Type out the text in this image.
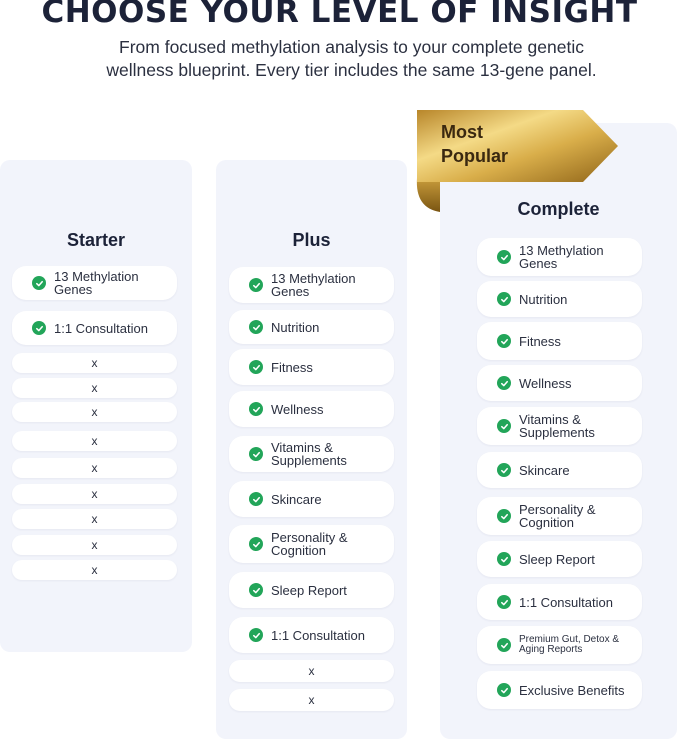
CHOOSE YOUR LEVEL OF INSIGHT
From focused methylation analysis to your complete genetic
wellness blueprint. Every tier includes the same 13-gene panel.
Starter	Plus
Complete
Most
Popular
13 Methylation
Genes
1:1 Consultation
x
x
x
x
x
x
x
x
x
13 Methylation
Genes
Nutrition
Fitness
Wellness
Vitamins &
Supplements
Skincare
Personality &
Cognition
Sleep Report
1:1 Consultation
x
x
13 Methylation
Genes
Nutrition
Fitness
Wellness
Vitamins &
Supplements
Skincare
Personality &
Cognition
Sleep Report
1:1 Consultation
Premium Gut, Detox &
Aging Reports
Exclusive Benefits
